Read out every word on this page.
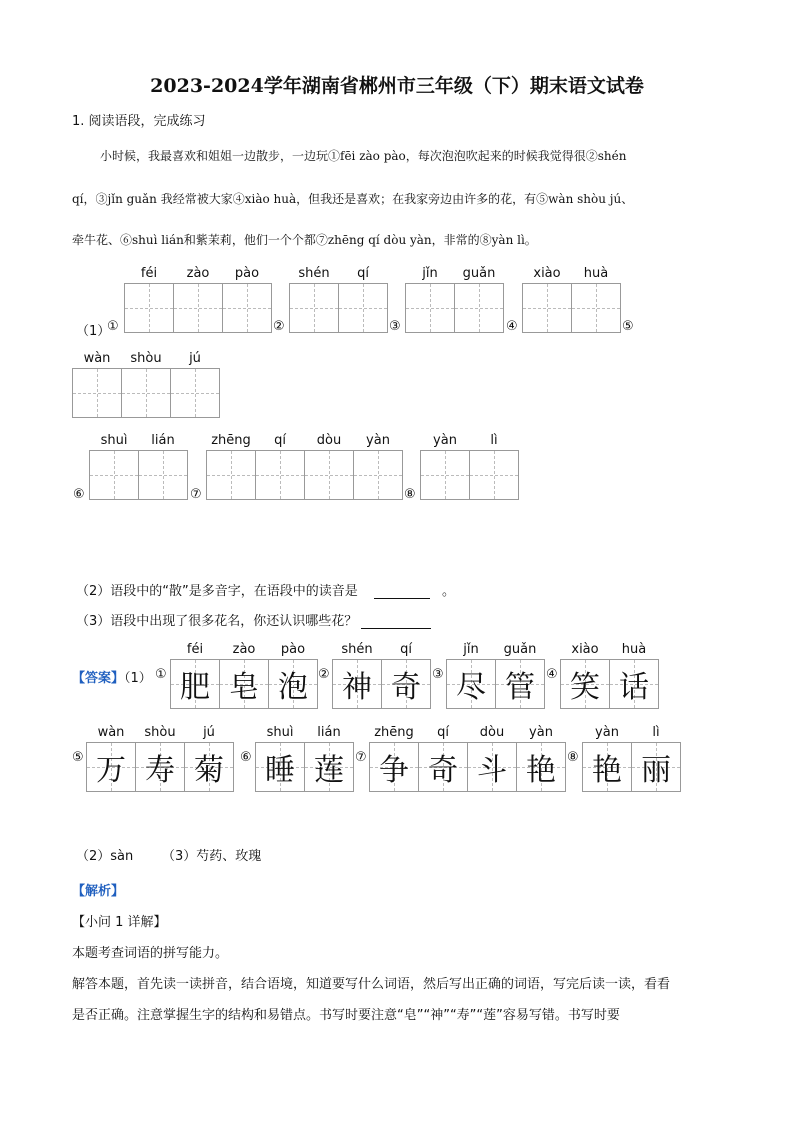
2023-2024学年湖南省郴州市三年级（下）期末语文试卷
1. 阅读语段，完成练习
小时候，我最喜欢和姐姐一边散步，一边玩①fēi zào pào，每次泡泡吹起来的时候我觉得很②shén
qí，③jǐn guǎn 我经常被大家④xiào huà，但我还是喜欢；在我家旁边由许多的花，有⑤wàn shòu jú、
牵牛花、⑥shuì lián和紫茉莉，他们一个个都⑦zhēng qí dòu yàn，非常的⑧yàn lì。
（1）
①
féi	zào	pào
②
shén	qí
③
jǐn	guǎn
④
xiào	huà
⑤
wàn	shòu	jú
⑥
shuì	lián
⑦
zhēng	qí	dòu	yàn
⑧
yàn	lì
（2）语段中的“散”是多音字，在语段中的读音是	。
（3）语段中出现了很多花名，你还认识哪些花？
【答案】（1） ①
féi	zào	pào
肥 皂 泡 ②
shén	qí
神 奇 ③
jǐn	guǎn
尽 管 ④
xiào	huà
笑 话
⑤
wàn	shòu	jú
万 寿 菊	⑥
shuì	lián
睡 莲 ⑦
zhēng	qí	dòu	yàn
争 奇 斗 艳 ⑧
yàn	lì
艳 丽
（2）sàn （3）芍药、玫瑰
【解析】
【小问 1 详解】
本题考查词语的拼写能力。
解答本题，首先读一读拼音，结合语境，知道要写什么词语，然后写出正确的词语，写完后读一读，看看
是否正确。注意掌握生字的结构和易错点。书写时要注意“皂”“神”“寿”“莲”容易写错。书写时要
